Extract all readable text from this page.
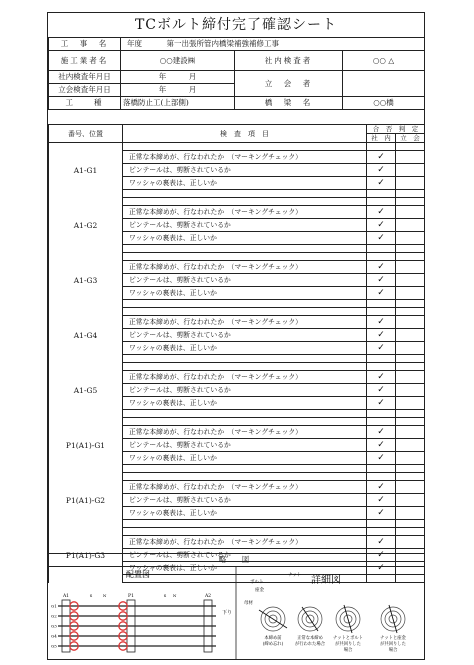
TCボルト締付完了確認シート
工　事　名	年度	第一出張所管内橋梁補強補修工事		
施工業者名	○○建設㈱		社内検査者	○○ △
社内検査年月日	年　　　月		立　会　者	
立会検査年月日	年　　　月			
工　　種	落橋防止工(上部側)		橋　梁　名	○○橋
番号、位置	検　査　項　目	合　否　判　定	
		社　内	立　会
A1-G1			
	正常な本締めが、行なわれたか　（マーキングチェック）	✓	
	ピンテールは、剪断されているか	✓	
	ワッシャの裏表は、正しいか	✓	

A1-G2			
	正常な本締めが、行なわれたか　（マーキングチェック）	✓	
	ピンテールは、剪断されているか	✓	
	ワッシャの裏表は、正しいか	✓	

A1-G3			
	正常な本締めが、行なわれたか　（マーキングチェック）	✓	
	ピンテールは、剪断されているか	✓	
	ワッシャの裏表は、正しいか	✓	

A1-G4			
	正常な本締めが、行なわれたか　（マーキングチェック）	✓	
	ピンテールは、剪断されているか	✓	
	ワッシャの裏表は、正しいか	✓	

A1-G5			
	正常な本締めが、行なわれたか　（マーキングチェック）	✓	
	ピンテールは、剪断されているか	✓	
	ワッシャの裏表は、正しいか	✓	

P1(A1)-G1			
	正常な本締めが、行なわれたか　（マーキングチェック）	✓	
	ピンテールは、剪断されているか	✓	
	ワッシャの裏表は、正しいか	✓	

P1(A1)-G2			
	正常な本締めが、行なわれたか　（マーキングチェック）	✓	
	ピンテールは、剪断されているか	✓	
	ワッシャの裏表は、正しいか	✓	

P1(A1)-G3			
	正常な本締めが、行なわれたか　（マーキングチェック）	✓	
	ピンテールは、剪断されているか	✓	
	ワッシャの裏表は、正しいか	✓	

略　図
配置図
A1	P1	A2
S 　　 N	S 　 N
下り
G1
G2
G3
G4
G5
詳細図
ボルト
ナット
座金
母材
本締め前
(締め忘れ)
正常な本締め
が行われた場合
ナットとボルト
が共回りした
場合
ナットと座金
が共回りした
場合
